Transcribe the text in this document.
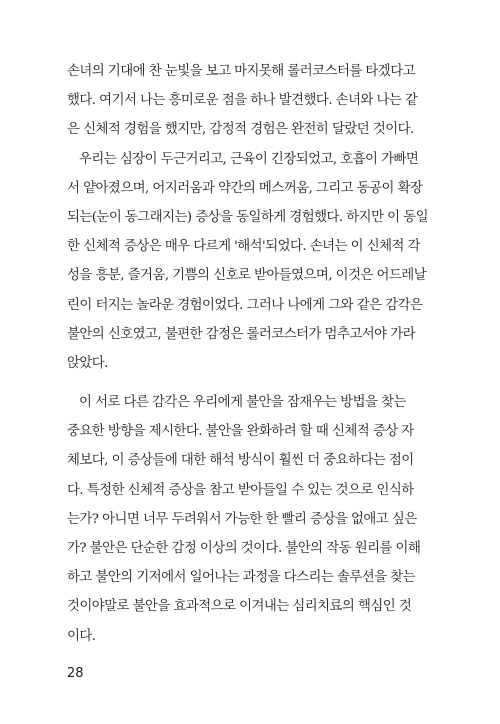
손녀의 기대에 찬 눈빛을 보고 마지못해 롤러코스터를 타겠다고
했다. 여기서 나는 흥미로운 점을 하나 발견했다. 손녀와 나는 같
은 신체적 경험을 했지만, 감정적 경험은 완전히 달랐던 것이다.
우리는 심장이 두근거리고, 근육이 긴장되었고, 호흡이 가빠면
서 얕아졌으며, 어지러움과 약간의 메스꺼움, 그리고 동공이 확장
되는(눈이 동그래지는) 증상을 동일하게 경험했다. 하지만 이 동일
한 신체적 증상은 매우 다르게 '해석'되었다. 손녀는 이 신체적 각
성을 흥분, 즐거움, 기쁨의 신호로 받아들였으며, 이것은 어드레날
린이 터지는 놀라운 경험이었다. 그러나 나에게 그와 같은 감각은
불안의 신호였고, 불편한 감정은 롤러코스터가 멈추고서야 가라
앉았다.
이 서로 다른 감각은 우리에게 불안을 잠재우는 방법을 찾는
중요한 방향을 제시한다. 불안을 완화하려 할 때 신체적 증상 자
체보다, 이 증상들에 대한 해석 방식이 훨씬 더 중요하다는 점이
다. 특정한 신체적 증상을 참고 받아들일 수 있는 것으로 인식하
는가? 아니면 너무 두려워서 가능한 한 빨리 증상을 없애고 싶은
가? 불안은 단순한 감정 이상의 것이다. 불안의 작동 원리를 이해
하고 불안의 기저에서 일어나는 과정을 다스리는 솔루션을 찾는
것이야말로 불안을 효과적으로 이겨내는 심리치료의 핵심인 것
이다.
28
